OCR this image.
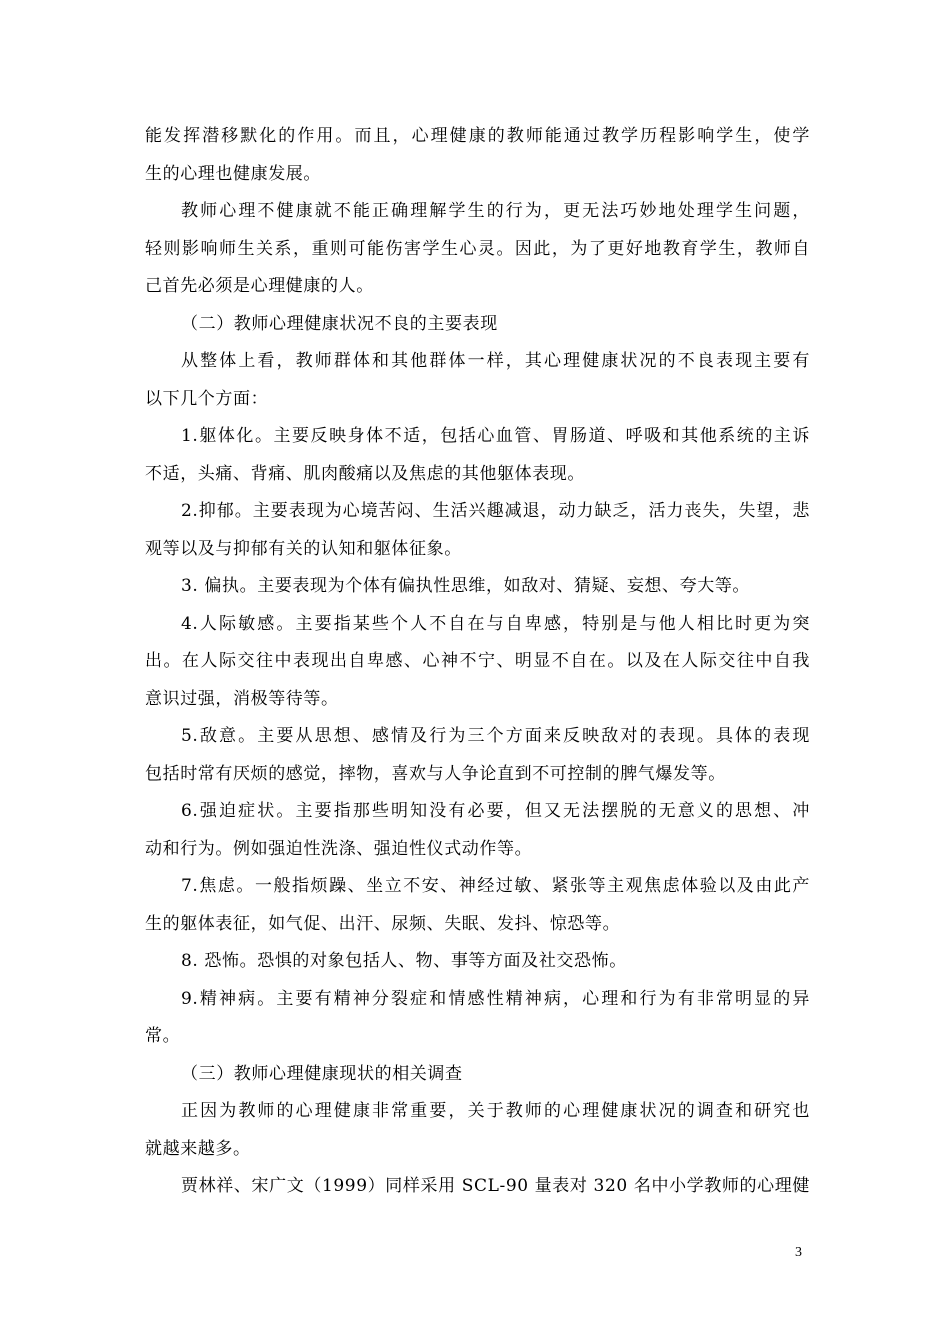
能发挥潜移默化的作用。而且，心理健康的教师能通过教学历程影响学生，使学
生的心理也健康发展。
教师心理不健康就不能正确理解学生的行为，更无法巧妙地处理学生问题，
轻则影响师生关系，重则可能伤害学生心灵。因此，为了更好地教育学生，教师自
己首先必须是心理健康的人。
（二）教师心理健康状况不良的主要表现
从整体上看，教师群体和其他群体一样，其心理健康状况的不良表现主要有
以下几个方面：
1.躯体化。主要反映身体不适，包括心血管、胃肠道、呼吸和其他系统的主诉
不适，头痛、背痛、肌肉酸痛以及焦虑的其他躯体表现。
2.抑郁。主要表现为心境苦闷、生活兴趣减退，动力缺乏，活力丧失，失望，悲
观等以及与抑郁有关的认知和躯体征象。
3. 偏执。主要表现为个体有偏执性思维，如敌对、猜疑、妄想、夸大等。
4.人际敏感。主要指某些个人不自在与自卑感，特别是与他人相比时更为突
出。在人际交往中表现出自卑感、心神不宁、明显不自在。以及在人际交往中自我
意识过强，消极等待等。
5.敌意。主要从思想、感情及行为三个方面来反映敌对的表现。具体的表现
包括时常有厌烦的感觉，摔物，喜欢与人争论直到不可控制的脾气爆发等。
6.强迫症状。主要指那些明知没有必要，但又无法摆脱的无意义的思想、冲
动和行为。例如强迫性洗涤、强迫性仪式动作等。
7.焦虑。一般指烦躁、坐立不安、神经过敏、紧张等主观焦虑体验以及由此产
生的躯体表征，如气促、出汗、尿频、失眠、发抖、惊恐等。
8. 恐怖。恐惧的对象包括人、物、事等方面及社交恐怖。
9.精神病。主要有精神分裂症和情感性精神病，心理和行为有非常明显的异
常。
（三）教师心理健康现状的相关调查
正因为教师的心理健康非常重要，关于教师的心理健康状况的调查和研究也
就越来越多。
贾林祥、宋广文（1999）同样采用 SCL-90 量表对 320 名中小学教师的心理健
3
